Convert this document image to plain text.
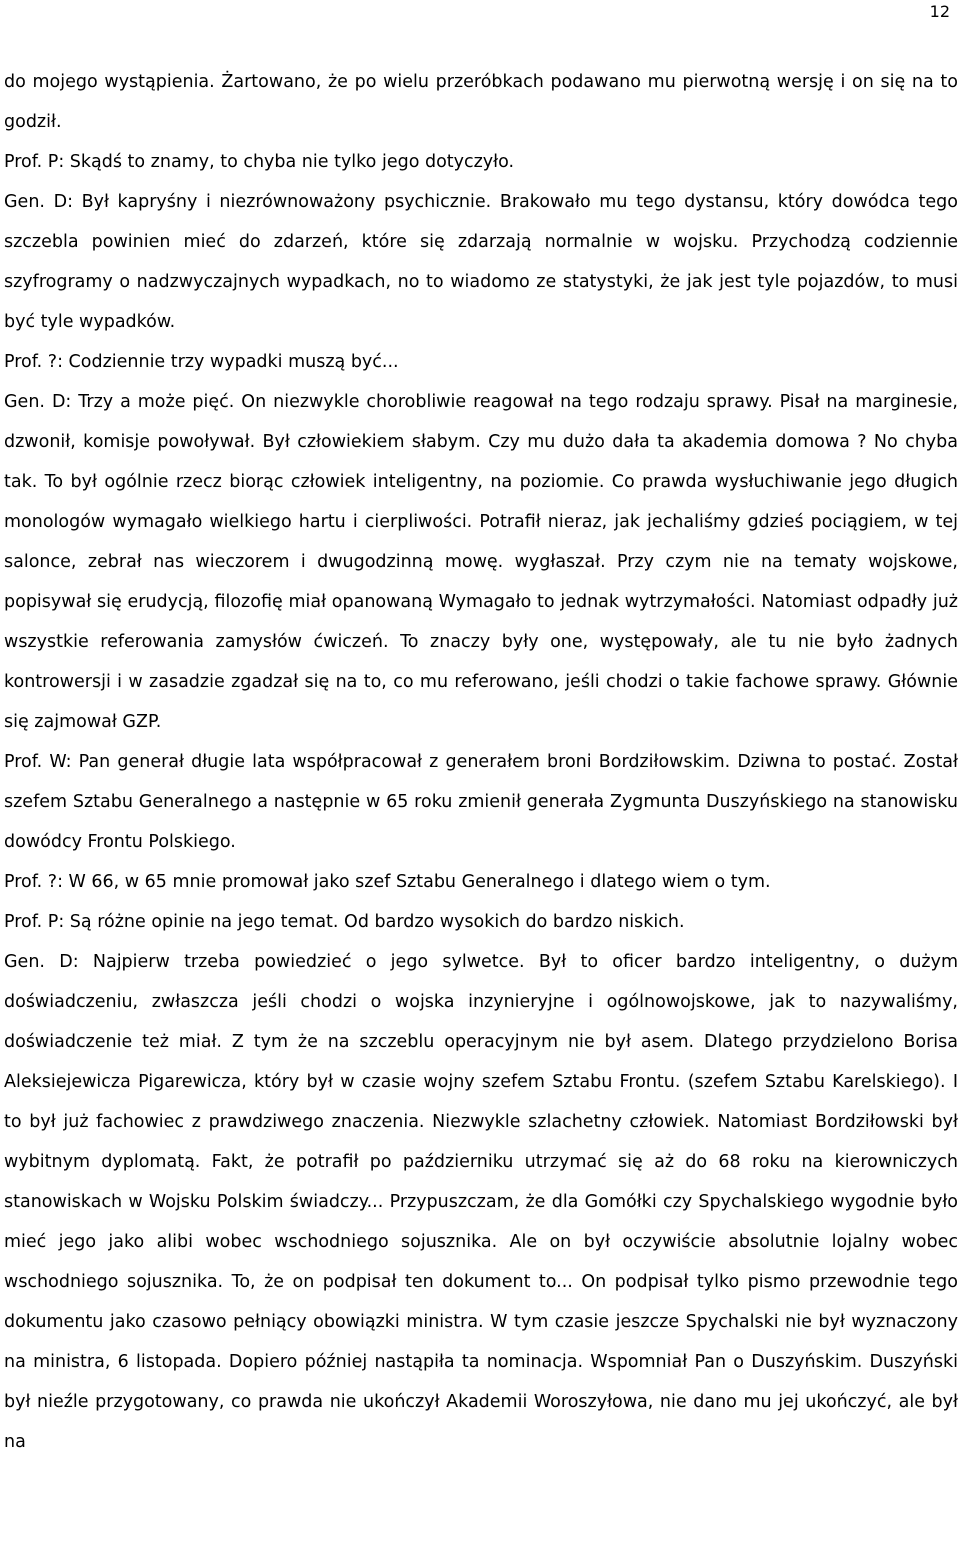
12

do mojego wystąpienia. Żartowano, że po wielu przeróbkach podawano mu pierwotną wersję i on się na to godził.

Prof. P: Skądś to znamy, to chyba nie tylko jego dotyczyło.

Gen. D: Był kapryśny i niezrównoważony psychicznie. Brakowało mu tego dystansu, który dowódca tego szczebla powinien mieć do zdarzeń, które się zdarzają normalnie w wojsku. Przychodzą codziennie szyfrogramy o nadzwyczajnych wypadkach, no to wiadomo ze statystyki, że jak jest tyle pojazdów, to musi być tyle wypadków.

Prof. ?: Codziennie trzy wypadki muszą być...

Gen. D: Trzy a może pięć. On niezwykle chorobliwie reagował na tego rodzaju sprawy. Pisał na marginesie, dzwonił, komisje powoływał. Był człowiekiem słabym. Czy mu dużo dała ta akademia domowa ? No chyba tak. To był ogólnie rzecz biorąc człowiek inteligentny, na poziomie. Co prawda wysłuchiwanie jego długich monologów wymagało wielkiego hartu i cierpliwości. Potrafił nieraz, jak jechaliśmy gdzieś pociągiem, w tej salonce, zebrał nas wieczorem i dwugodzinną mowę. wygłaszał. Przy czym nie na tematy wojskowe, popisywał się erudycją, filozofię miał opanowaną Wymagało to jednak wytrzymałości. Natomiast odpadły już wszystkie referowania zamysłów ćwiczeń. To znaczy były one, występowały, ale tu nie było żadnych kontrowersji i w zasadzie zgadzał się na to, co mu referowano, jeśli chodzi o takie fachowe sprawy. Głównie się zajmował GZP.

Prof. W: Pan generał długie lata współpracował z generałem broni Bordziłowskim. Dziwna to postać. Został szefem Sztabu Generalnego a następnie w 65 roku zmienił generała Zygmunta Duszyńskiego na stanowisku dowódcy Frontu Polskiego.

Prof. ?: W 66, w 65 mnie promował jako szef Sztabu Generalnego i dlatego wiem o tym.

Prof. P: Są różne opinie na jego temat. Od bardzo wysokich do bardzo niskich.

Gen. D: Najpierw trzeba powiedzieć o jego sylwetce. Był to oficer bardzo inteligentny, o dużym doświadczeniu, zwłaszcza jeśli chodzi o wojska inzynieryjne i ogólnowojskowe, jak to nazywaliśmy, doświadczenie też miał. Z tym że na szczeblu operacyjnym nie był asem. Dlatego przydzielono Borisa Aleksiejewicza Pigarewicza, który był w czasie wojny szefem Sztabu Frontu. (szefem Sztabu Karelskiego). I to był już fachowiec z prawdziwego znaczenia. Niezwykle szlachetny człowiek. Natomiast Bordziłowski był wybitnym dyplomatą. Fakt, że potrafił po październiku utrzymać się aż do 68 roku na kierowniczych stanowiskach w Wojsku Polskim świadczy... Przypuszczam, że dla Gomółki czy Spychalskiego wygodnie było mieć jego jako alibi wobec wschodniego sojusznika. Ale on był oczywiście absolutnie lojalny wobec wschodniego sojusznika. To, że on podpisał ten dokument to... On podpisał tylko pismo przewodnie tego dokumentu jako czasowo pełniący obowiązki ministra. W tym czasie jeszcze Spychalski nie był wyznaczony na ministra, 6 listopada. Dopiero później nastąpiła ta nominacja. Wspomniał Pan o Duszyńskim. Duszyński był nieźle przygotowany, co prawda nie ukończył Akademii Woroszyłowa, nie dano mu jej ukończyć, ale był na
